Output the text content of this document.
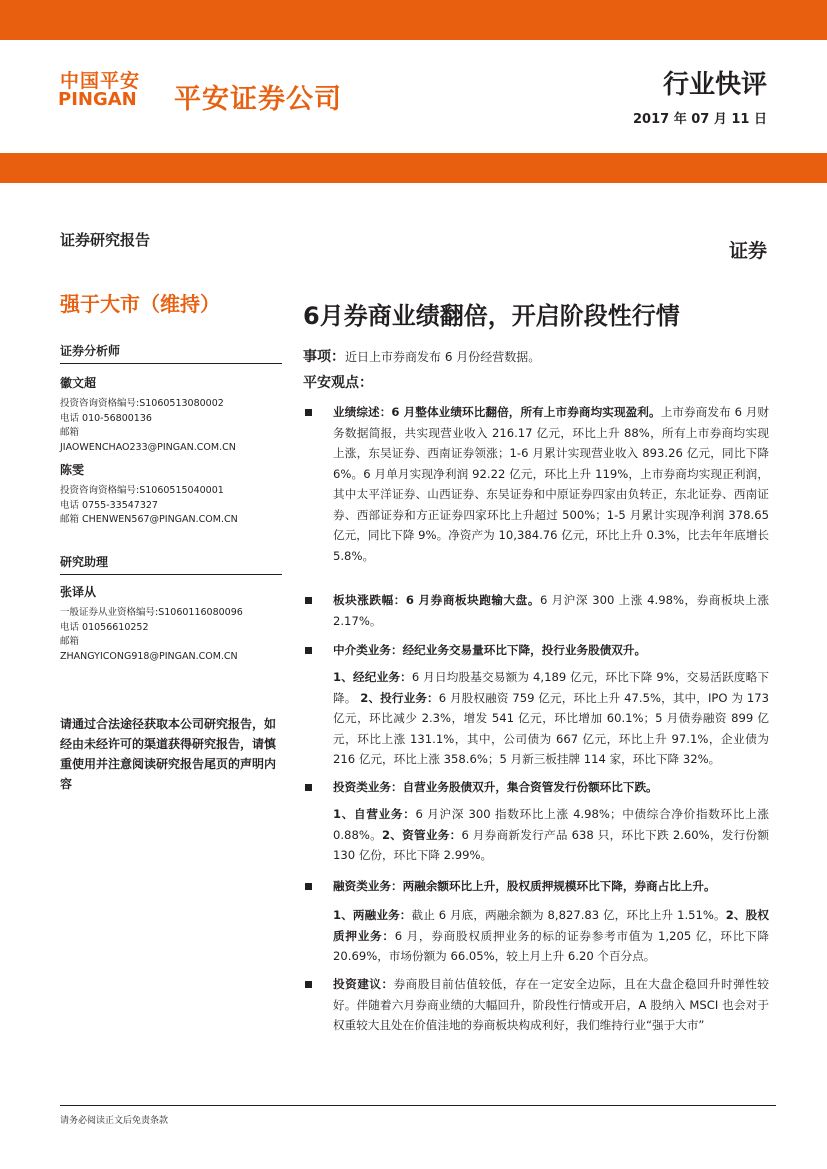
中国平安
PINGAN 平安证券公司	行业快评
2017 年 07 月 11 日
证券研究报告	证券
强于大市（维持）	6月券商业绩翻倍，开启阶段性行情
证券分析师
徽文超
投资咨询资格编号:S1060513080002
电话 010-56800136
邮箱
JIAOWENCHAO233@PINGAN.COM.CN
陈雯
投资咨询资格编号:S1060515040001
电话 0755-33547327
邮箱 CHENWEN567@PINGAN.COM.CN
研究助理
张译从
一般证券从业资格编号:S1060116080096
电话 01056610252
邮箱
ZHANGYICONG918@PINGAN.COM.CN
请通过合法途径获取本公司研究报告，如经由未经许可的渠道获得研究报告，请慎重使用并注意阅读研究报告尾页的声明内容
事项：近日上市券商发布 6 月份经营数据。
平安观点：
业绩综述：6 月整体业绩环比翻倍，所有上市券商均实现盈利。上市券商发布 6 月财务数据简报，共实现营业收入 216.17 亿元，环比上升 88%，所有上市券商均实现上涨，东吴证券、西南证券领涨；1-6 月累计实现营业收入 893.26 亿元，同比下降 6%。6 月单月实现净利润 92.22 亿元，环比上升 119%，上市券商均实现正利润，其中太平洋证券、山西证券、东吴证券和中原证券四家由负转正，东北证券、西南证券、西部证券和方正证券四家环比上升超过 500%；1-5 月累计实现净利润 378.65 亿元，同比下降 9%。净资产为 10,384.76 亿元，环比上升 0.3%，比去年年底增长 5.8%。
板块涨跌幅：6 月券商板块跑输大盘。6 月沪深 300 上涨 4.98%，券商板块上涨 2.17%。
中介类业务：经纪业务交易量环比下降，投行业务股债双升。
1、经纪业务：6 月日均股基交易额为 4,189 亿元，环比下降 9%，交易活跃度略下降。 2、投行业务：6 月股权融资 759 亿元，环比上升 47.5%，其中，IPO 为 173 亿元，环比减少 2.3%，增发 541 亿元，环比增加 60.1%；5 月债券融资 899 亿元，环比上涨 131.1%，其中，公司债为 667 亿元，环比上升 97.1%，企业债为 216 亿元，环比上涨 358.6%；5 月新三板挂牌 114 家，环比下降 32%。
投资类业务：自营业务股债双升，集合资管发行份额环比下跌。
1、自营业务：6 月沪深 300 指数环比上涨 4.98%；中债综合净价指数环比上涨 0.88%。2、资管业务：6 月券商新发行产品 638 只，环比下跌 2.60%，发行份额 130 亿份，环比下降 2.99%。
融资类业务：两融余额环比上升，股权质押规模环比下降，券商占比上升。
1、两融业务：截止 6 月底，两融余额为 8,827.83 亿，环比上升 1.51%。2、股权质押业务：6 月，券商股权质押业务的标的证券参考市值为 1,205 亿，环比下降 20.69%，市场份额为 66.05%，较上月上升 6.20 个百分点。
投资建议：券商股目前估值较低，存在一定安全边际，且在大盘企稳回升时弹性较好。伴随着六月券商业绩的大幅回升，阶段性行情或开启，A 股纳入 MSCI 也会对于权重较大且处在价值洼地的券商板块构成利好，我们维持行业“强于大市”
请务必阅读正文后免责条款
